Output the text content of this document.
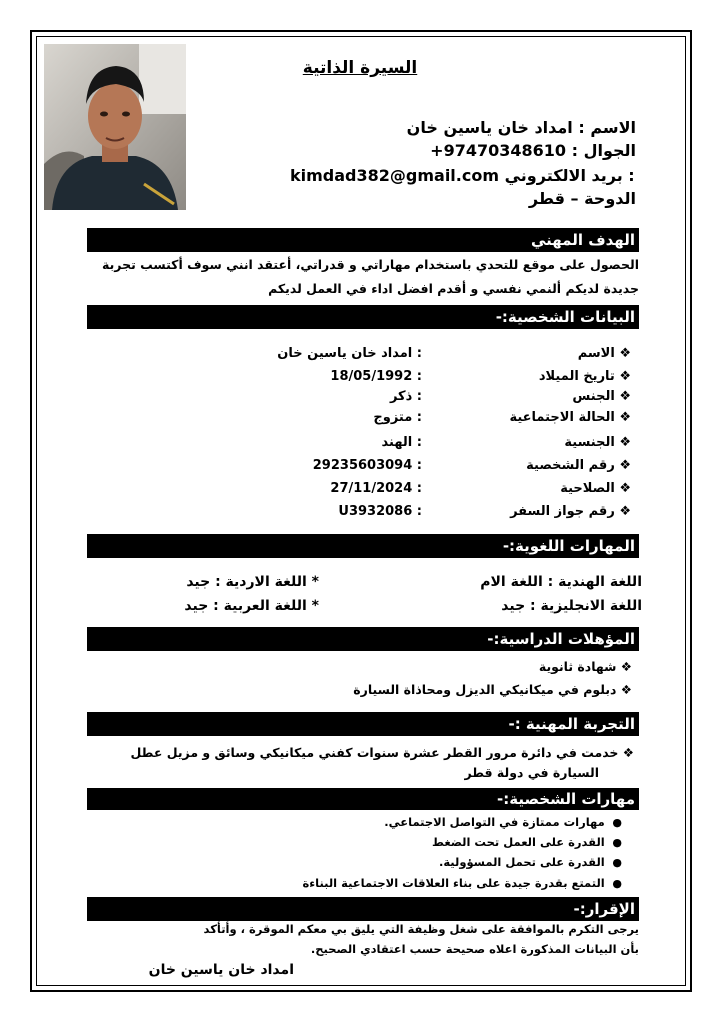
السيرة الذاتية
الاسم : امداد خان ياسين خان
الجوال : 97470348610+
kimdad382@gmail.com بريد الالكتروني :
الدوحة – قطر
الهدف المهني
الحصول على موقع للتحدي باستخدام مهاراتي و قدراتي، أعتقد انني سوف أكتسب تجربة
جديدة لديكم ألنمي نفسي و أقدم افضل اداء في العمل لديكم
البيانات الشخصية:-
❖ الاسم
: امداد خان ياسين خان
❖ تاريخ الميلاد
: 18/05/1992
❖ الجنس
: ذكر
❖ الحالة الاجتماعية
: متزوج
❖ الجنسية
: الهند
❖ رقم الشخصية
: 29235603094
❖ الصلاحية
: 27/11/2024
❖ رقم جواز السفر
: U3932086
المهارات اللغوية:-
اللغة الهندية : اللغة الام
* اللغة الاردية : جيد
اللغة الانجليزية : جيد
* اللغة العربية : جيد
المؤهلات الدراسية:-
❖ شهادة ثانوية
❖ دبلوم في ميكانيكي الديزل ومحاذاة السيارة
التجربة المهنية :-
❖ خدمت في دائرة مرور القطر عشرة سنوات كفني ميكانيكي وسائق و مزيل عطل
السيارة في دولة قطر
مهارات الشخصية:-
●  مهارات ممتازة في التواصل الاجتماعي.
●  القدرة على العمل تحت الضغط
●  القدرة على تحمل المسؤولية.
●  التمتع بقدرة جيدة على بناء العلاقات الاجتماعية البناءة
الإقرار:-
يرجى التكرم بالموافقة على شغل وظيفة التي يليق بي معكم الموقرة ، وأتأكد
بأن البيانات المذكورة اعلاه صحيحة حسب اعتقادي الصحيح.
امداد خان ياسين خان
